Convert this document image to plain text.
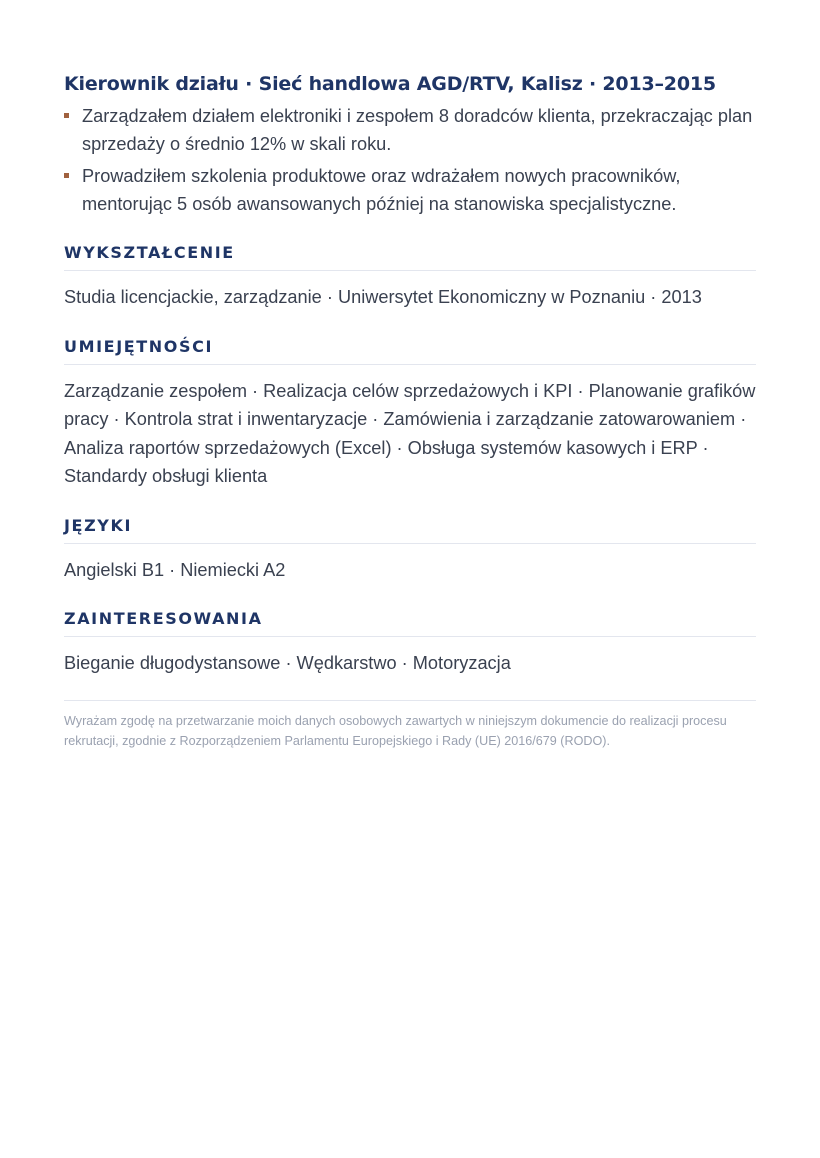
Kierownik działu · Sieć handlowa AGD/RTV, Kalisz · 2013–2015
Zarządzałem działem elektroniki i zespołem 8 doradców klienta, przekraczając plan sprzedaży o średnio 12% w skali roku.
Prowadziłem szkolenia produktowe oraz wdrażałem nowych pracowników, mentorując 5 osób awansowanych później na stanowiska specjalistyczne.
WYKSZTAŁCENIE

Studia licencjackie, zarządzanie · Uniwersytet Ekonomiczny w Poznaniu · 2013

UMIEJĘTNOŚCI

Zarządzanie zespołem · Realizacja celów sprzedażowych i KPI · Planowanie grafików pracy · Kontrola strat i inwentaryzacje · Zamówienia i zarządzanie zatowarowaniem · Analiza raportów sprzedażowych (Excel) · Obsługa systemów kasowych i ERP · Standardy obsługi klienta

JĘZYKI

Angielski B1 · Niemiecki A2

ZAINTERESOWANIA

Bieganie długodystansowe · Wędkarstwo · Motoryzacja

Wyrażam zgodę na przetwarzanie moich danych osobowych zawartych w niniejszym dokumencie do realizacji procesu rekrutacji, zgodnie z Rozporządzeniem Parlamentu Europejskiego i Rady (UE) 2016/679 (RODO).
